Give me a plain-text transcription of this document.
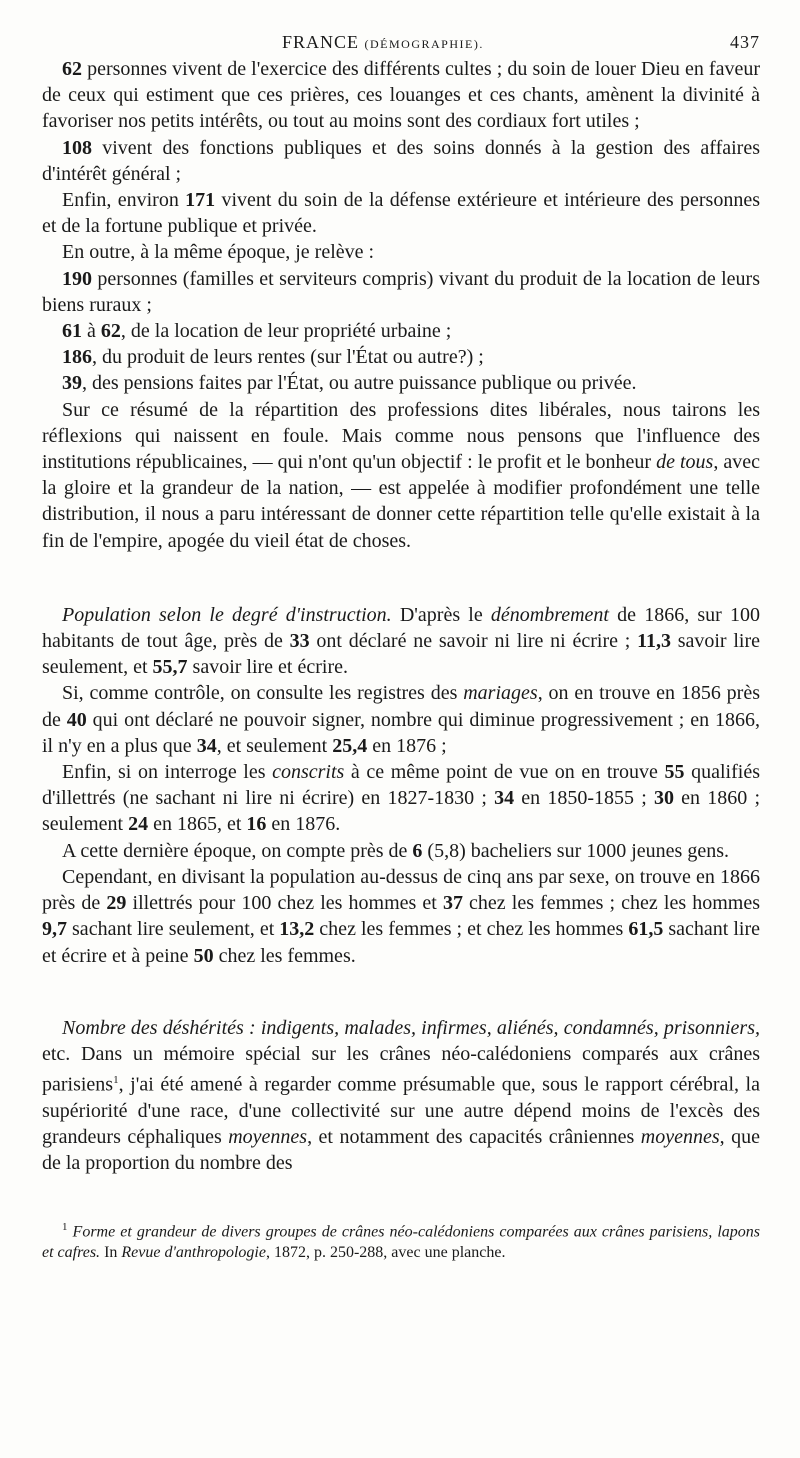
FRANCE (DÉMOGRAPHIE).	437

62 personnes vivent de l'exercice des différents cultes ; du soin de louer Dieu en faveur de ceux qui estiment que ces prières, ces louanges et ces chants, amènent la divinité à favoriser nos petits intérêts, ou tout au moins sont des cordiaux fort utiles ;

108 vivent des fonctions publiques et des soins donnés à la gestion des affaires d'intérêt général ;

Enfin, environ 171 vivent du soin de la défense extérieure et intérieure des personnes et de la fortune publique et privée.

En outre, à la même époque, je relève :

190 personnes (familles et serviteurs compris) vivant du produit de la location de leurs biens ruraux ;

61 à 62, de la location de leur propriété urbaine ;

186, du produit de leurs rentes (sur l'État ou autre?) ;

39, des pensions faites par l'État, ou autre puissance publique ou privée.

Sur ce résumé de la répartition des professions dites libérales, nous tairons les réflexions qui naissent en foule. Mais comme nous pensons que l'influence des institutions républicaines, — qui n'ont qu'un objectif : le profit et le bonheur de tous, avec la gloire et la grandeur de la nation, — est appelée à modifier profondément une telle distribution, il nous a paru intéressant de donner cette répartition telle qu'elle existait à la fin de l'empire, apogée du vieil état de choses.

Population selon le degré d'instruction. D'après le dénombrement de 1866, sur 100 habitants de tout âge, près de 33 ont déclaré ne savoir ni lire ni écrire ; 11,3 savoir lire seulement, et 55,7 savoir lire et écrire.

Si, comme contrôle, on consulte les registres des mariages, on en trouve en 1856 près de 40 qui ont déclaré ne pouvoir signer, nombre qui diminue progressivement ; en 1866, il n'y en a plus que 34, et seulement 25,4 en 1876 ;

Enfin, si on interroge les conscrits à ce même point de vue on en trouve 55 qualifiés d'illettrés (ne sachant ni lire ni écrire) en 1827-1830 ; 34 en 1850-1855 ; 30 en 1860 ; seulement 24 en 1865, et 16 en 1876.

A cette dernière époque, on compte près de 6 (5,8) bacheliers sur 1000 jeunes gens.

Cependant, en divisant la population au-dessus de cinq ans par sexe, on trouve en 1866 près de 29 illettrés pour 100 chez les hommes et 37 chez les femmes ; chez les hommes 9,7 sachant lire seulement, et 13,2 chez les femmes ; et chez les hommes 61,5 sachant lire et écrire et à peine 50 chez les femmes.

Nombre des déshérités : indigents, malades, infirmes, aliénés, condamnés, prisonniers, etc. Dans un mémoire spécial sur les crânes néo-calédoniens comparés aux crânes parisiens$^1$, j'ai été amené à regarder comme présumable que, sous le rapport cérébral, la supériorité d'une race, d'une collectivité sur une autre dépend moins de l'excès des grandeurs céphaliques moyennes, et notamment des capacités crâniennes moyennes, que de la proportion du nombre des

$^1$ Forme et grandeur de divers groupes de crânes néo-calédoniens comparées aux crânes parisiens, lapons et cafres. In Revue d'anthropologie, 1872, p. 250-288, avec une planche.
